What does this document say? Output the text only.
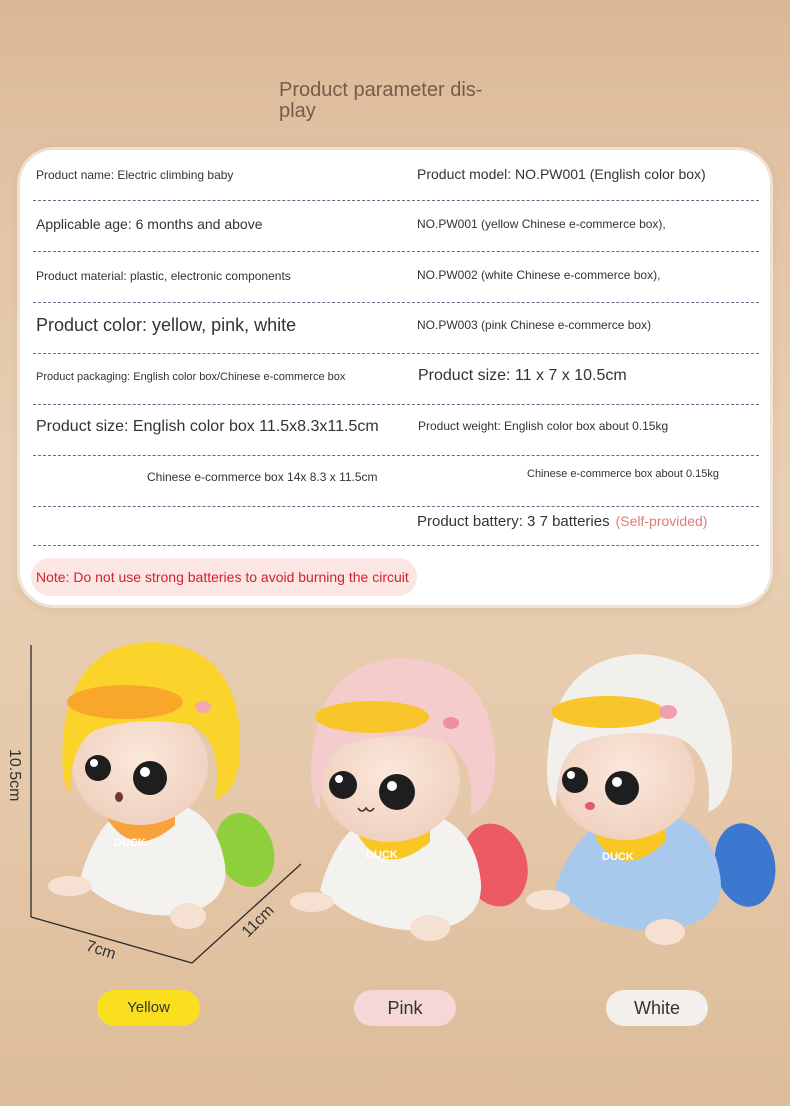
Product parameter dis-
play
Product name: Electric climbing baby	Product model: NO.PW001 (English color box)
Applicable age: 6 months and above	NO.PW001 (yellow Chinese e-commerce box),
Product material: plastic, electronic components	NO.PW002 (white Chinese e-commerce box),
Product color: yellow, pink, white	NO.PW003 (pink Chinese e-commerce box)
Product packaging: English color box/Chinese e-commerce box	Product size: 11 x 7 x 10.5cm
Product size: English color box 11.5x8.3x11.5cm	Product weight: English color box about 0.15kg
Chinese e-commerce box 14x 8.3 x 11.5cm	Chinese e-commerce box about 0.15kg
Product battery: 3 7 batteries (Self-provided)
Note: Do not use strong batteries to avoid burning the circuit
10.5cm
7cm
11cm
DUCK
DUCK	DUCK
Yellow	Pink	White
